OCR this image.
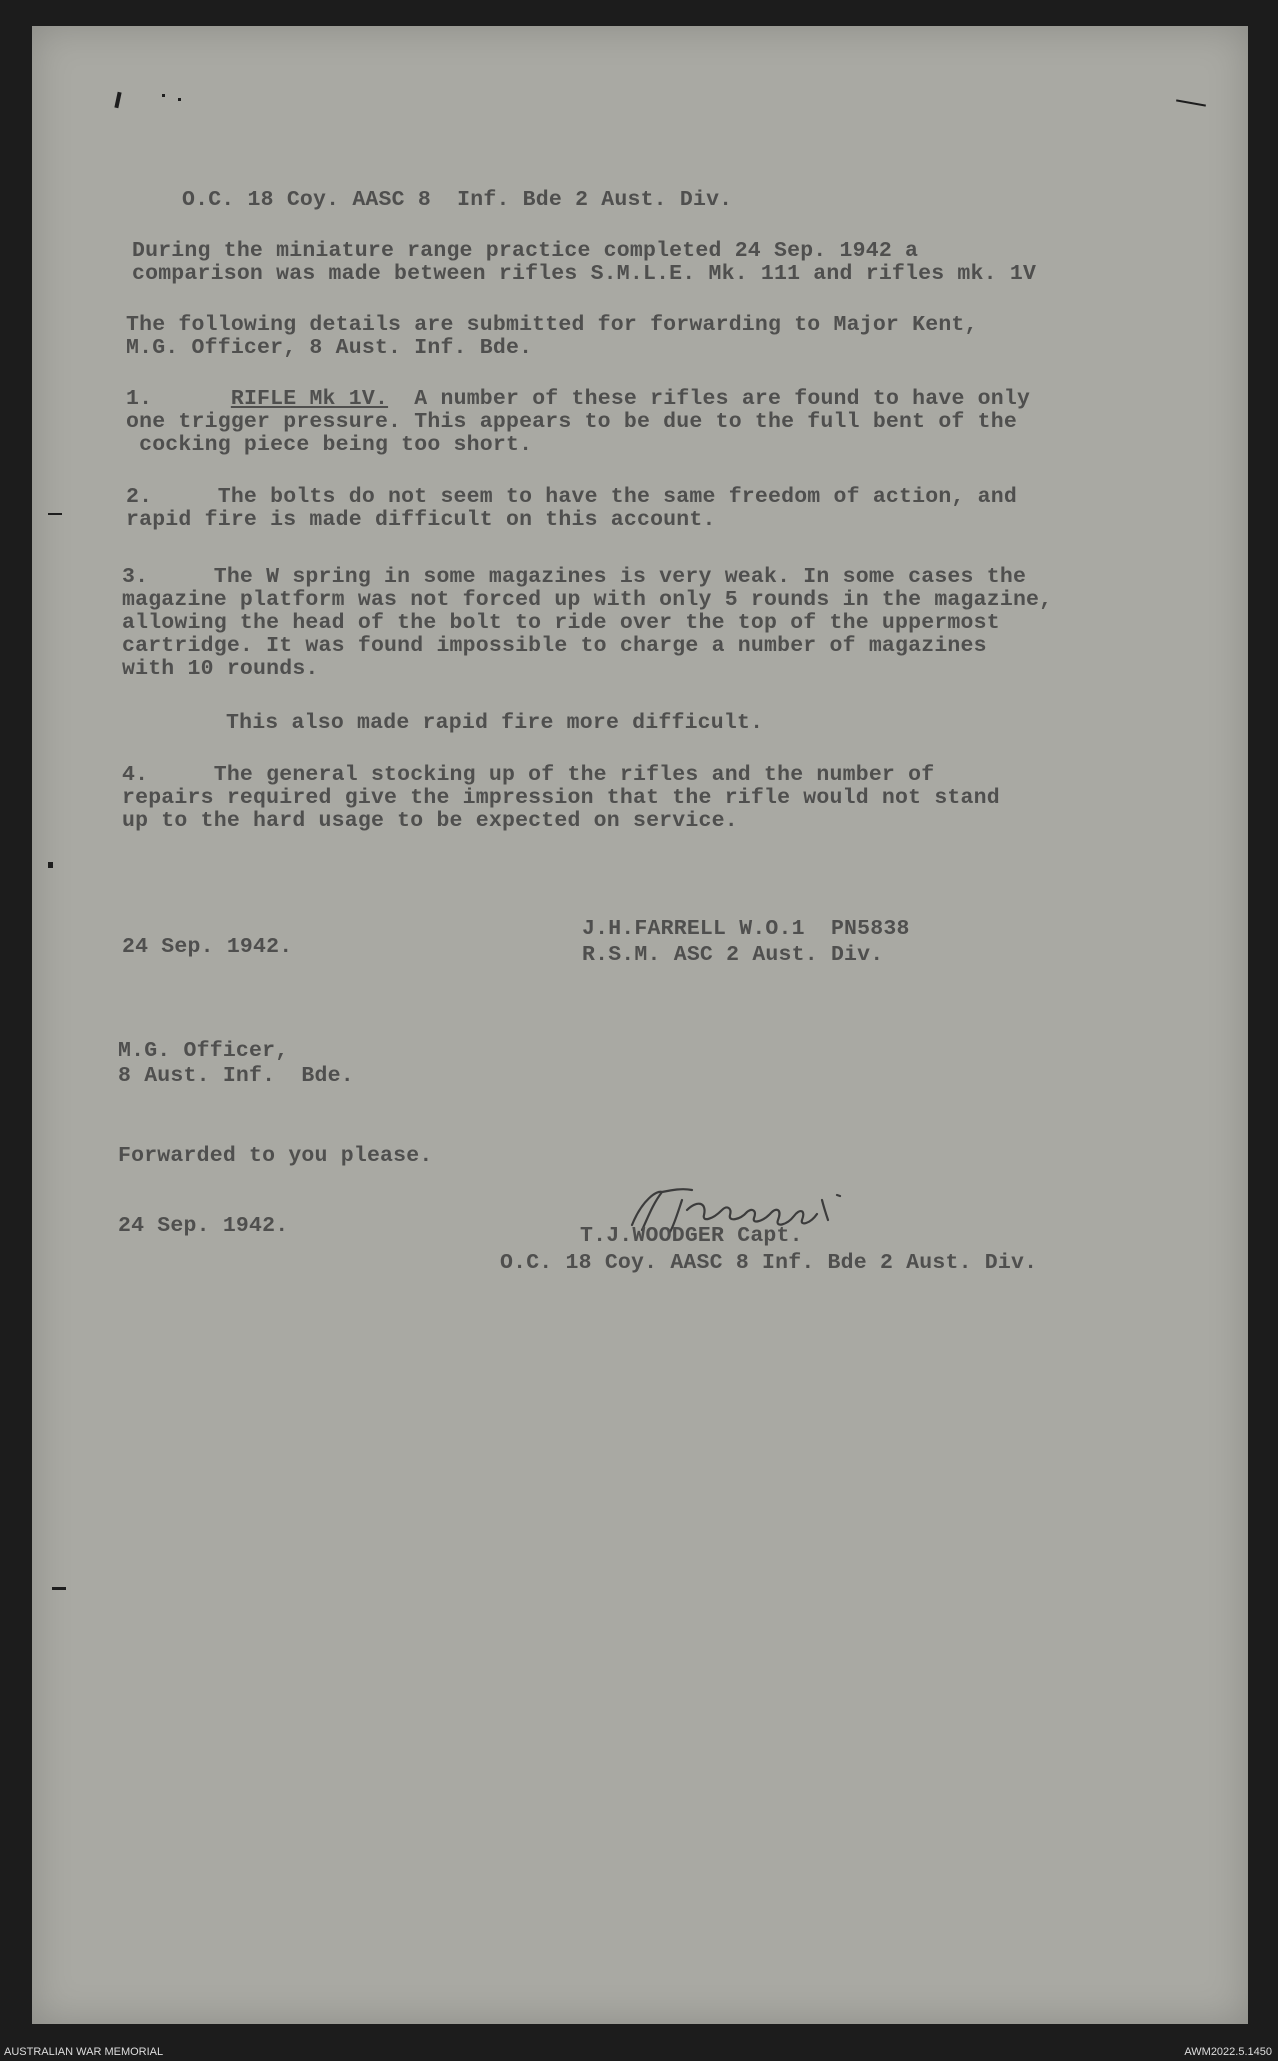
O.C. 18 Coy. AASC 8  Inf. Bde 2 Aust. Div.
During the miniature range practice completed 24 Sep. 1942 a
comparison was made between rifles S.M.L.E. Mk. 111 and rifles mk. 1V
The following details are submitted for forwarding to Major Kent,
M.G. Officer, 8 Aust. Inf. Bde.
1.	RIFLE Mk 1V.  A number of these rifles are found to have only
one trigger pressure. This appears to be due to the full bent of the
cocking piece being too short.
2.     The bolts do not seem to have the same freedom of action, and
rapid fire is made difficult on this account.
3.     The W spring in some magazines is very weak. In some cases the
magazine platform was not forced up with only 5 rounds in the magazine,
allowing the head of the bolt to ride over the top of the uppermost
cartridge. It was found impossible to charge a number of magazines
with 10 rounds.
This also made rapid fire more difficult.
4.     The general stocking up of the rifles and the number of
repairs required give the impression that the rifle would not stand
up to the hard usage to be expected on service.
24 Sep. 1942.
J.H.FARRELL W.O.1  PN5838
R.S.M. ASC 2 Aust. Div.
M.G. Officer,
8 Aust. Inf.  Bde.
Forwarded to you please.
24 Sep. 1942.	T.J.WOODGER Capt.
O.C. 18 Coy. AASC 8 Inf. Bde 2 Aust. Div.
AUSTRALIAN WAR MEMORIAL	AWM2022.5.1450
